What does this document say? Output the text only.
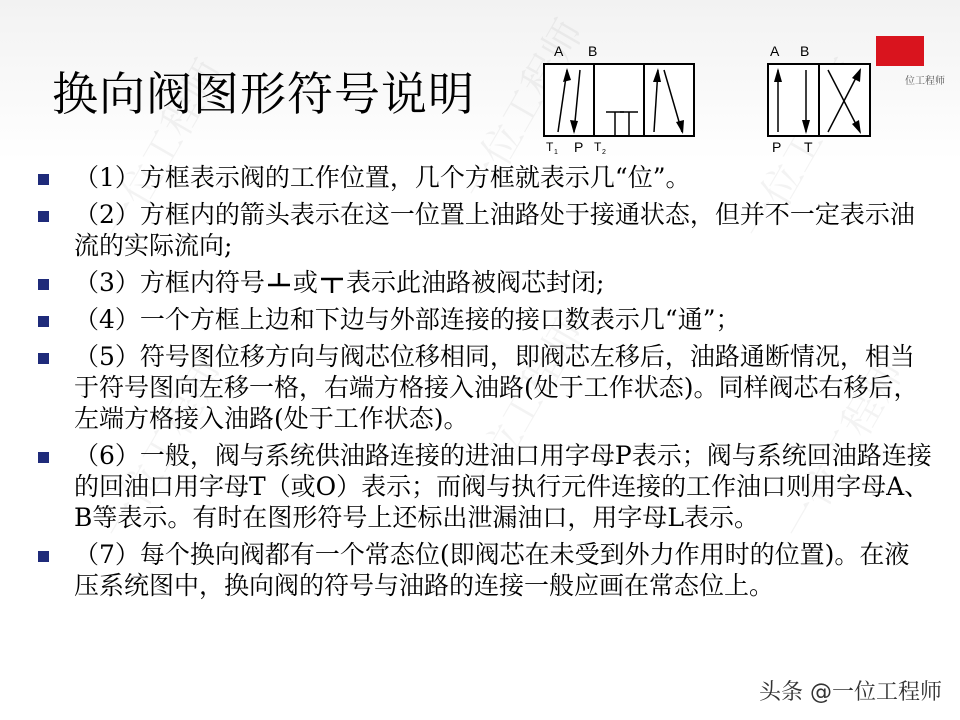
换向阀图形符号说明
A B
T 1 P T 2
A B
P T
位工程师
（1）方框表示阀的工作位置，几个方框就表示几“位”。
（2）方框内的箭头表示在这一位置上油路处于接通状态，但并不一定表示油流的实际流向;
（3）方框内符号 或 表示此油路被阀芯封闭;
（4）一个方框上边和下边与外部连接的接口数表示几“通”；
（5）符号图位移方向与阀芯位移相同，即阀芯左移后，油路通断情况，相当于符号图向左移一格，右端方格接入油路(处于工作状态)。同样阀芯右移后，左端方格接入油路(处于工作状态)。
（6）一般，阀与系统供油路连接的进油口用字母P表示；阀与系统回油路连接的回油口用字母T（或O）表示；而阀与执行元件连接的工作油口则用字母A、B等表示。有时在图形符号上还标出泄漏油口，用字母L表示。
（7）每个换向阀都有一个常态位(即阀芯在未受到外力作用时的位置)。在液压系统图中，换向阀的符号与油路的连接一般应画在常态位上。
头条 @一位工程师
